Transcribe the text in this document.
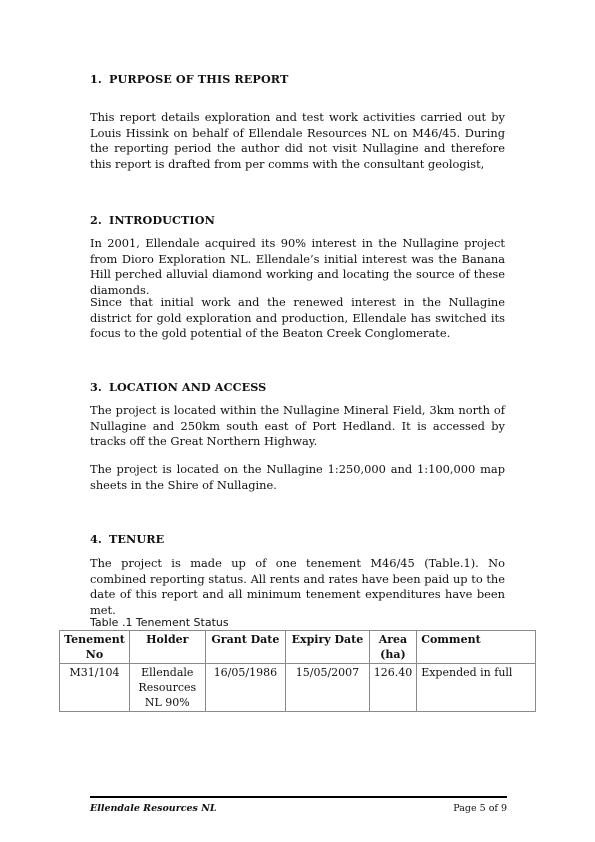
1. PURPOSE OF THIS REPORT

This report details exploration and test work activities carried out by Louis Hissink on behalf of Ellendale Resources NL on M46/45. During the reporting period the author did not visit Nullagine and therefore this report is drafted from per comms with the consultant geologist,

2. INTRODUCTION

In 2001, Ellendale acquired its 90% interest in the Nullagine project from Dioro Exploration NL. Ellendale’s initial interest was the Banana Hill perched alluvial diamond working and locating the source of these diamonds.

Since that initial work and the renewed interest in the Nullagine district for gold exploration and production, Ellendale has switched its focus to the gold potential of the Beaton Creek Conglomerate.

3. LOCATION AND ACCESS

The project is located within the Nullagine Mineral Field, 3km north of Nullagine and 250km south east of Port Hedland. It is accessed by tracks off the Great Northern Highway.

The project is located on the Nullagine 1:250,000 and 1:100,000 map sheets in the Shire of Nullagine.

4. TENURE

The project is made up of one tenement M46/45 (Table.1). No combined reporting status. All rents and rates have been paid up to the date of this report and all minimum tenement expenditures have been met.

Table .1 Tenement Status
Tenement No	Holder	Grant Date	Expiry Date	Area (ha)	Comment
M31/104	Ellendale Resources NL 90%	16/05/1986	15/05/2007	126.40	Expended in full
Ellendale Resources NL	Page 5 of 9
